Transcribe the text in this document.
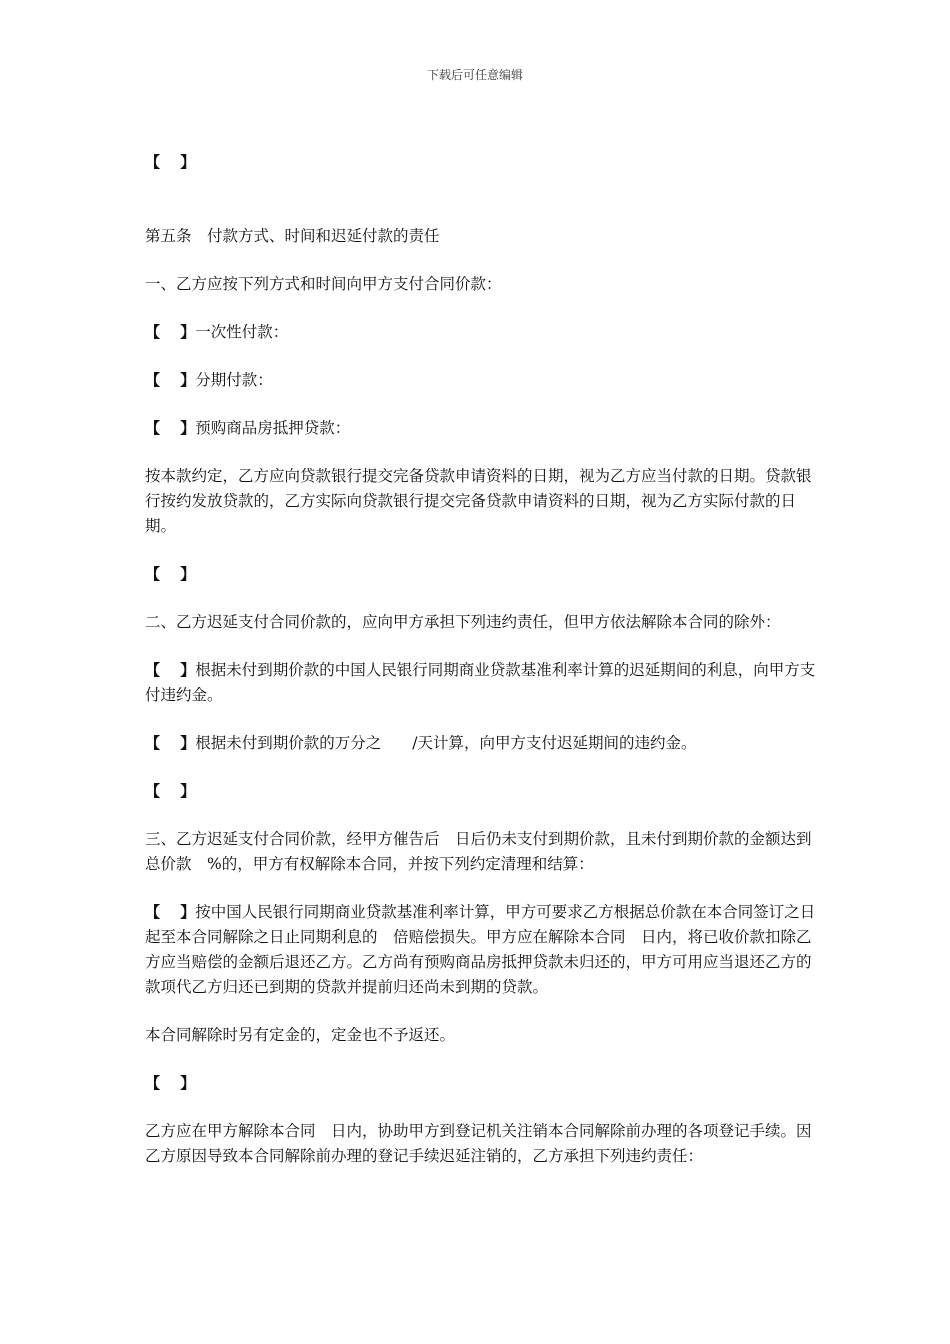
下载后可任意编辑

【　 】

第五条　付款方式、时间和迟延付款的责任

一、乙方应按下列方式和时间向甲方支付合同价款：

【　 】一次性付款：

【　 】分期付款：

【　 】预购商品房抵押贷款：

按本款约定，乙方应向贷款银行提交完备贷款申请资料的日期，视为乙方应当付款的日期。贷款银行按约发放贷款的，乙方实际向贷款银行提交完备贷款申请资料的日期，视为乙方实际付款的日期。

【　 】

二、乙方迟延支付合同价款的，应向甲方承担下列违约责任，但甲方依法解除本合同的除外：

【　 】根据未付到期价款的中国人民银行同期商业贷款基准利率计算的迟延期间的利息，向甲方支付违约金。

【　 】根据未付到期价款的万分之　　/天计算，向甲方支付迟延期间的违约金。

【　 】

三、乙方迟延支付合同价款，经甲方催告后　日后仍未支付到期价款，且未付到期价款的金额达到总价款　%的，甲方有权解除本合同，并按下列约定清理和结算：

【　 】按中国人民银行同期商业贷款基准利率计算，甲方可要求乙方根据总价款在本合同签订之日起至本合同解除之日止同期利息的　倍赔偿损失。甲方应在解除本合同　日内，将已收价款扣除乙方应当赔偿的金额后退还乙方。乙方尚有预购商品房抵押贷款未归还的，甲方可用应当退还乙方的款项代乙方归还已到期的贷款并提前归还尚未到期的贷款。

本合同解除时另有定金的，定金也不予返还。

【　 】

乙方应在甲方解除本合同　日内，协助甲方到登记机关注销本合同解除前办理的各项登记手续。因乙方原因导致本合同解除前办理的登记手续迟延注销的，乙方承担下列违约责任：
